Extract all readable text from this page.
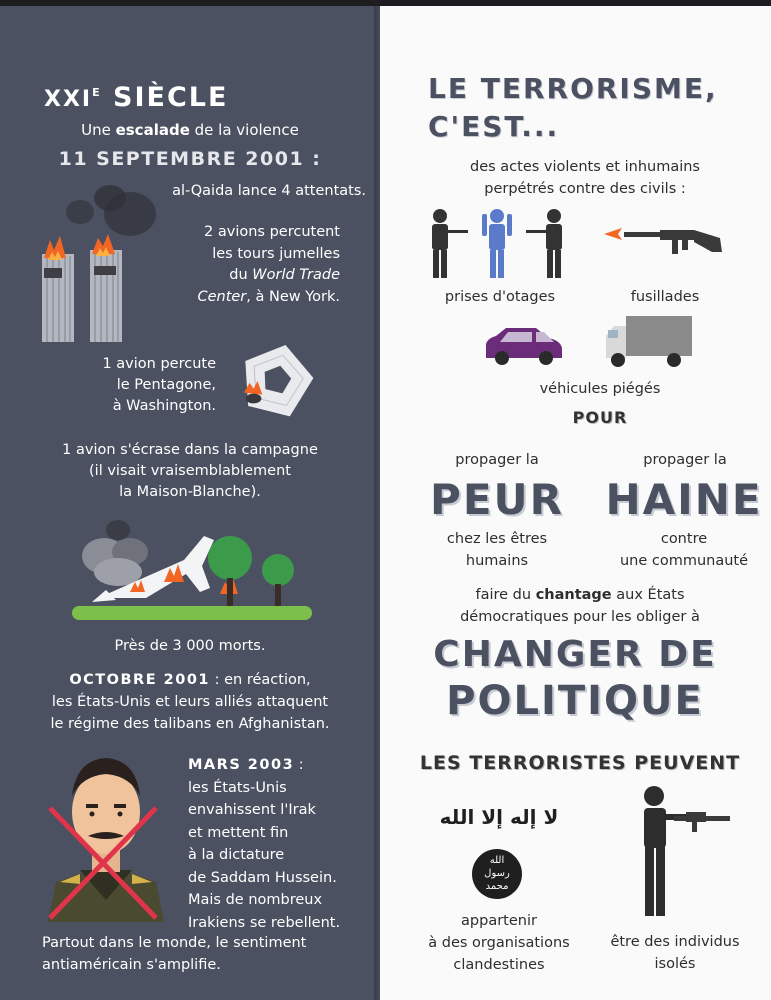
$XXI^E$ SIÈCLE

Une escalade de la violence

11 SEPTEMBRE 2001 :

al-Qaida lance 4 attentats.

2 avions percutent
les tours jumelles
du World Trade
Center, à New York.

1 avion percute
le Pentagone,
à Washington.

1 avion s'écrase dans la campagne
(il visait vraisemblablement
la Maison-Blanche).

Près de 3 000 morts.

OCTOBRE 2001 : en réaction,
les États-Unis et leurs alliés attaquent
le régime des talibans en Afghanistan.

MARS 2003 :
les États-Unis
envahissent l'Irak
et mettent fin
à la dictature
de Saddam Hussein.
Mais de nombreux
Irakiens se rebellent.

Partout dans le monde, le sentiment
antiaméricain s'amplifie.

LE TERRORISME,
C'EST...

des actes violents et inhumains
perpétrés contre des civils :

prises d'otages	fusillades

véhicules piégés

POUR

propager la	propager la

PEUR HAINE

chez les êtres
humains

contre
une communauté

faire du chantage aux États
démocratiques pour les obliger à

CHANGER DE
POLITIQUE
LES TERRORISTES PEUVENT
لا إله إلا الله
الله
رسول
محمد

appartenir
à des organisations
clandestines

être des individus
isolés
